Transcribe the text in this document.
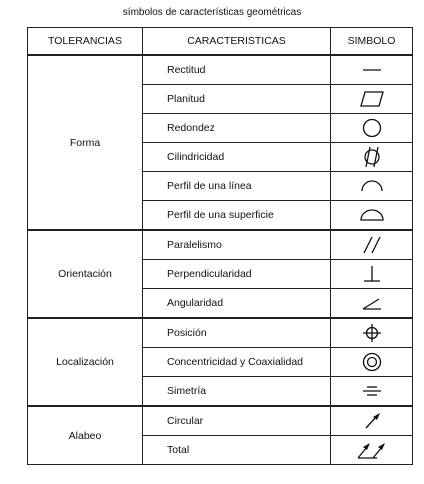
símbolos de características geométricas
TOLERANCIAS	CARACTERISTICAS	SIMBOLO
Forma	Rectitud	

	Planitud	

	Redondez	

	Cilindricidad	

	Perfil de una línea	

	Perfil de una superficie	

Orientación	Paralelismo	

	Perpendicularidad	

	Angularidad	

Localización	Posición	

	Concentricidad y Coaxialidad	

	Simetría	

Alabeo	Circular	

	Total	
